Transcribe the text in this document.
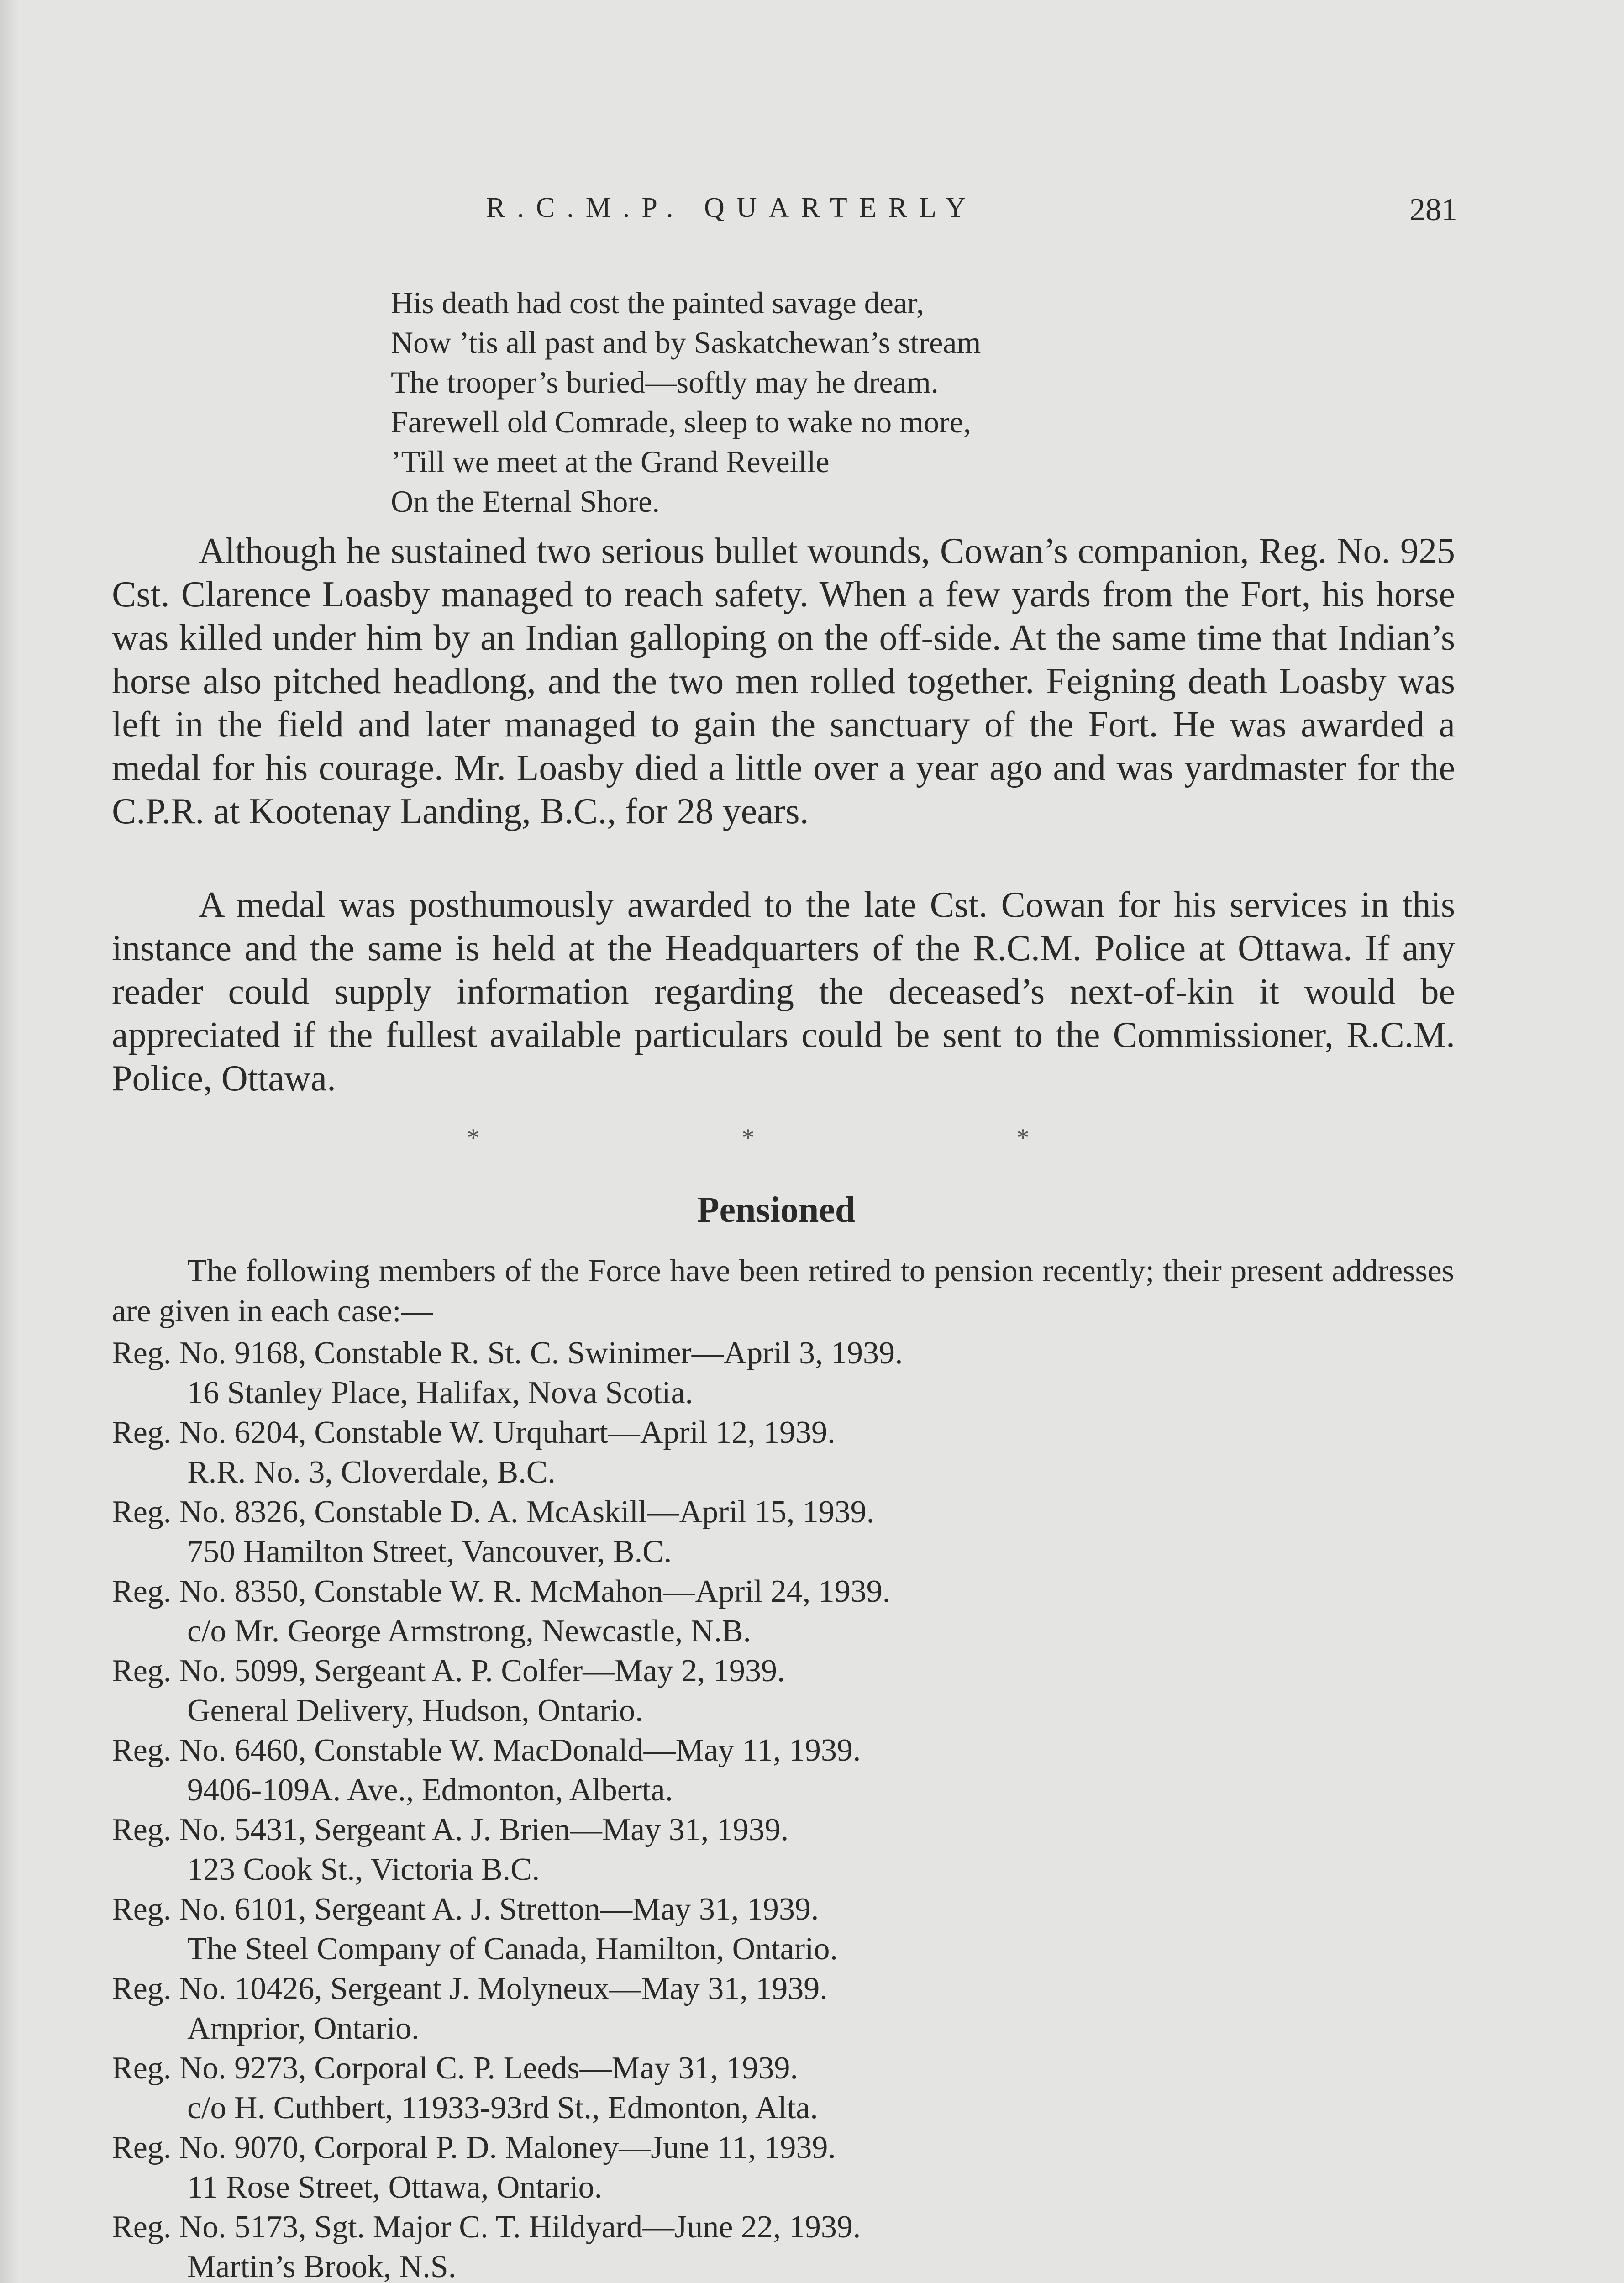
R.C.M.P. QUARTERLY	281
His death had cost the painted savage dear,
Now ’tis all past and by Saskatchewan’s stream
The trooper’s buried—softly may he dream.
Farewell old Comrade, sleep to wake no more,
’Till we meet at the Grand Reveille
On the Eternal Shore.

Although he sustained two serious bullet wounds, Cowan’s companion, Reg. No. 925 Cst. Clarence Loasby managed to reach safety. When a few yards from the Fort, his horse was killed under him by an Indian galloping on the off-side. At the same time that Indian’s horse also pitched headlong, and the two men rolled together. Feigning death Loasby was left in the field and later managed to gain the sanctuary of the Fort. He was awarded a medal for his courage. Mr. Loasby died a little over a year ago and was yardmaster for the C.P.R. at Kootenay Landing, B.C., for 28 years.

A medal was posthumously awarded to the late Cst. Cowan for his services in this instance and the same is held at the Headquarters of the R.C.M. Police at Ottawa. If any reader could supply information regarding the deceased’s next-of-kin it would be appreciated if the fullest available particulars could be sent to the Commissioner, R.C.M. Police, Ottawa.

* * *
Pensioned

The following members of the Force have been retired to pension recently; their present addresses are given in each case:—

Reg. No. 9168, Constable R. St. C. Swinimer—April 3, 1939.
16 Stanley Place, Halifax, Nova Scotia.
Reg. No. 6204, Constable W. Urquhart—April 12, 1939.
R.R. No. 3, Cloverdale, B.C.
Reg. No. 8326, Constable D. A. McAskill—April 15, 1939.
750 Hamilton Street, Vancouver, B.C.
Reg. No. 8350, Constable W. R. McMahon—April 24, 1939.
c/o Mr. George Armstrong, Newcastle, N.B.
Reg. No. 5099, Sergeant A. P. Colfer—May 2, 1939.
General Delivery, Hudson, Ontario.
Reg. No. 6460, Constable W. MacDonald—May 11, 1939.
9406-109A. Ave., Edmonton, Alberta.
Reg. No. 5431, Sergeant A. J. Brien—May 31, 1939.
123 Cook St., Victoria B.C.
Reg. No. 6101, Sergeant A. J. Stretton—May 31, 1939.
The Steel Company of Canada, Hamilton, Ontario.
Reg. No. 10426, Sergeant J. Molyneux—May 31, 1939.
Arnprior, Ontario.
Reg. No. 9273, Corporal C. P. Leeds—May 31, 1939.
c/o H. Cuthbert, 11933-93rd St., Edmonton, Alta.
Reg. No. 9070, Corporal P. D. Maloney—June 11, 1939.
11 Rose Street, Ottawa, Ontario.
Reg. No. 5173, Sgt. Major C. T. Hildyard—June 22, 1939.
Martin’s Brook, N.S.
